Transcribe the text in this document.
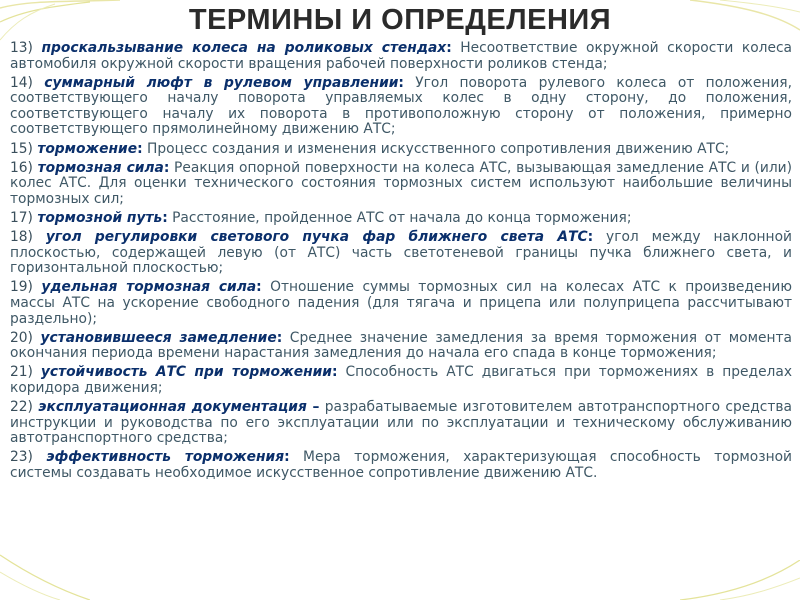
ТЕРМИНЫ И ОПРЕДЕЛЕНИЯ

13) проскальзывание колеса на роликовых стендах: Несоответствие окружной скорости колеса автомобиля окружной скорости вращения рабочей поверхности роликов стенда;

14) суммарный люфт в рулевом управлении: Угол поворота рулевого колеса от положения, соответствующего началу поворота управляемых колес в одну сторону, до положения, соответствующего началу их поворота в противоположную сторону от положения, примерно соответствующего прямолинейному движению АТС;

15) торможение: Процесс создания и изменения искусственного сопротивления движению АТС;

16) тормозная сила: Реакция опорной поверхности на колеса АТС, вызывающая замедление АТС и (или) колес АТС. Для оценки технического состояния тормозных систем используют наибольшие величины тормозных сил;

17) тормозной путь: Расстояние, пройденное АТС от начала до конца торможения;

18) угол регулировки светового пучка фар ближнего света АТС: угол между наклонной плоскостью, содержащей левую (от АТС) часть светотеневой границы пучка ближнего света, и горизонтальной плоскостью;

19) удельная тормозная сила: Отношение суммы тормозных сил на колесах АТС к произведению массы АТС на ускорение свободного падения (для тягача и прицепа или полуприцепа рассчитывают раздельно);

20) установившееся замедление: Среднее значение замедления за время торможения от момента окончания периода времени нарастания замедления до начала его спада в конце торможения;

21) устойчивость АТС при торможении: Способность АТС двигаться при торможениях в пределах коридора движения;

22) эксплуатационная документация – разрабатываемые изготовителем автотранспортного средства инструкции и руководства по его эксплуатации или по эксплуатации и техническому обслуживанию автотранспортного средства;

23) эффективность торможения: Мера торможения, характеризующая способность тормозной системы создавать необходимое искусственное сопротивление движению АТС.
